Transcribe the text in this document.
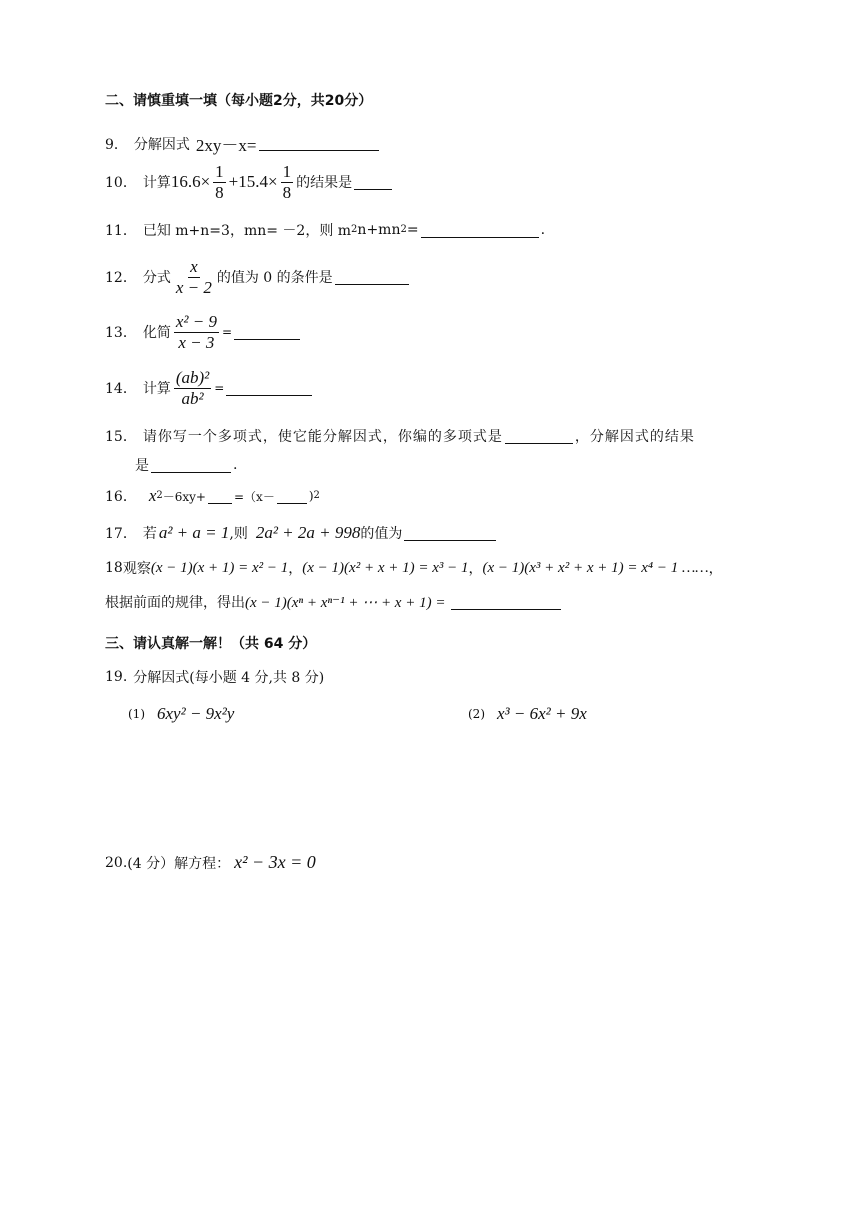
二、请慎重填一填（每小题2分，共20分）
9． 分解因式 2xy－x=
10． 计算 $16.6 \times \frac{1}{8} +15.4 \times \frac{1}{8}$ 的结果是
11． 已知 m+n=3，mn= －2，则 m 2 n+mn 2 =	.
12． 分式 $\frac{x}{x - 2}$ 的值为 0 的条件是
13． 化简 $\frac{\text{x² − 9}}{x - 3}$ =
14． 计算 $\frac{\text{(ab)²}}{\text{ab²}}$ =
15． 请你写一个多项式，使它能分解因式，你编的多项式是	，分解因式的结果
是	.
16． x 2 －6xy+ =（x－	) 2
17． 若 a² + a = 1 ,则 2a² + 2a + 998 的值为
18 观察 (x − 1)(x + 1) = x² − 1 ， (x − 1)(x² + x + 1) = x³ − 1 ， (x − 1)(x³ + x² + x + 1) = x⁴ − 1 …… ，
根据前面的规律，得出 (x − 1)(xⁿ + xⁿ⁻¹ + ⋯ + x + 1) =
三、请认真解一解！（共 64 分）
19. 分解因式(每小题 4 分,共 8 分)
(1) 6xy² − 9x²y	(2) x³ − 6x² + 9x
20. (4 分）解方程： x² − 3x = 0
